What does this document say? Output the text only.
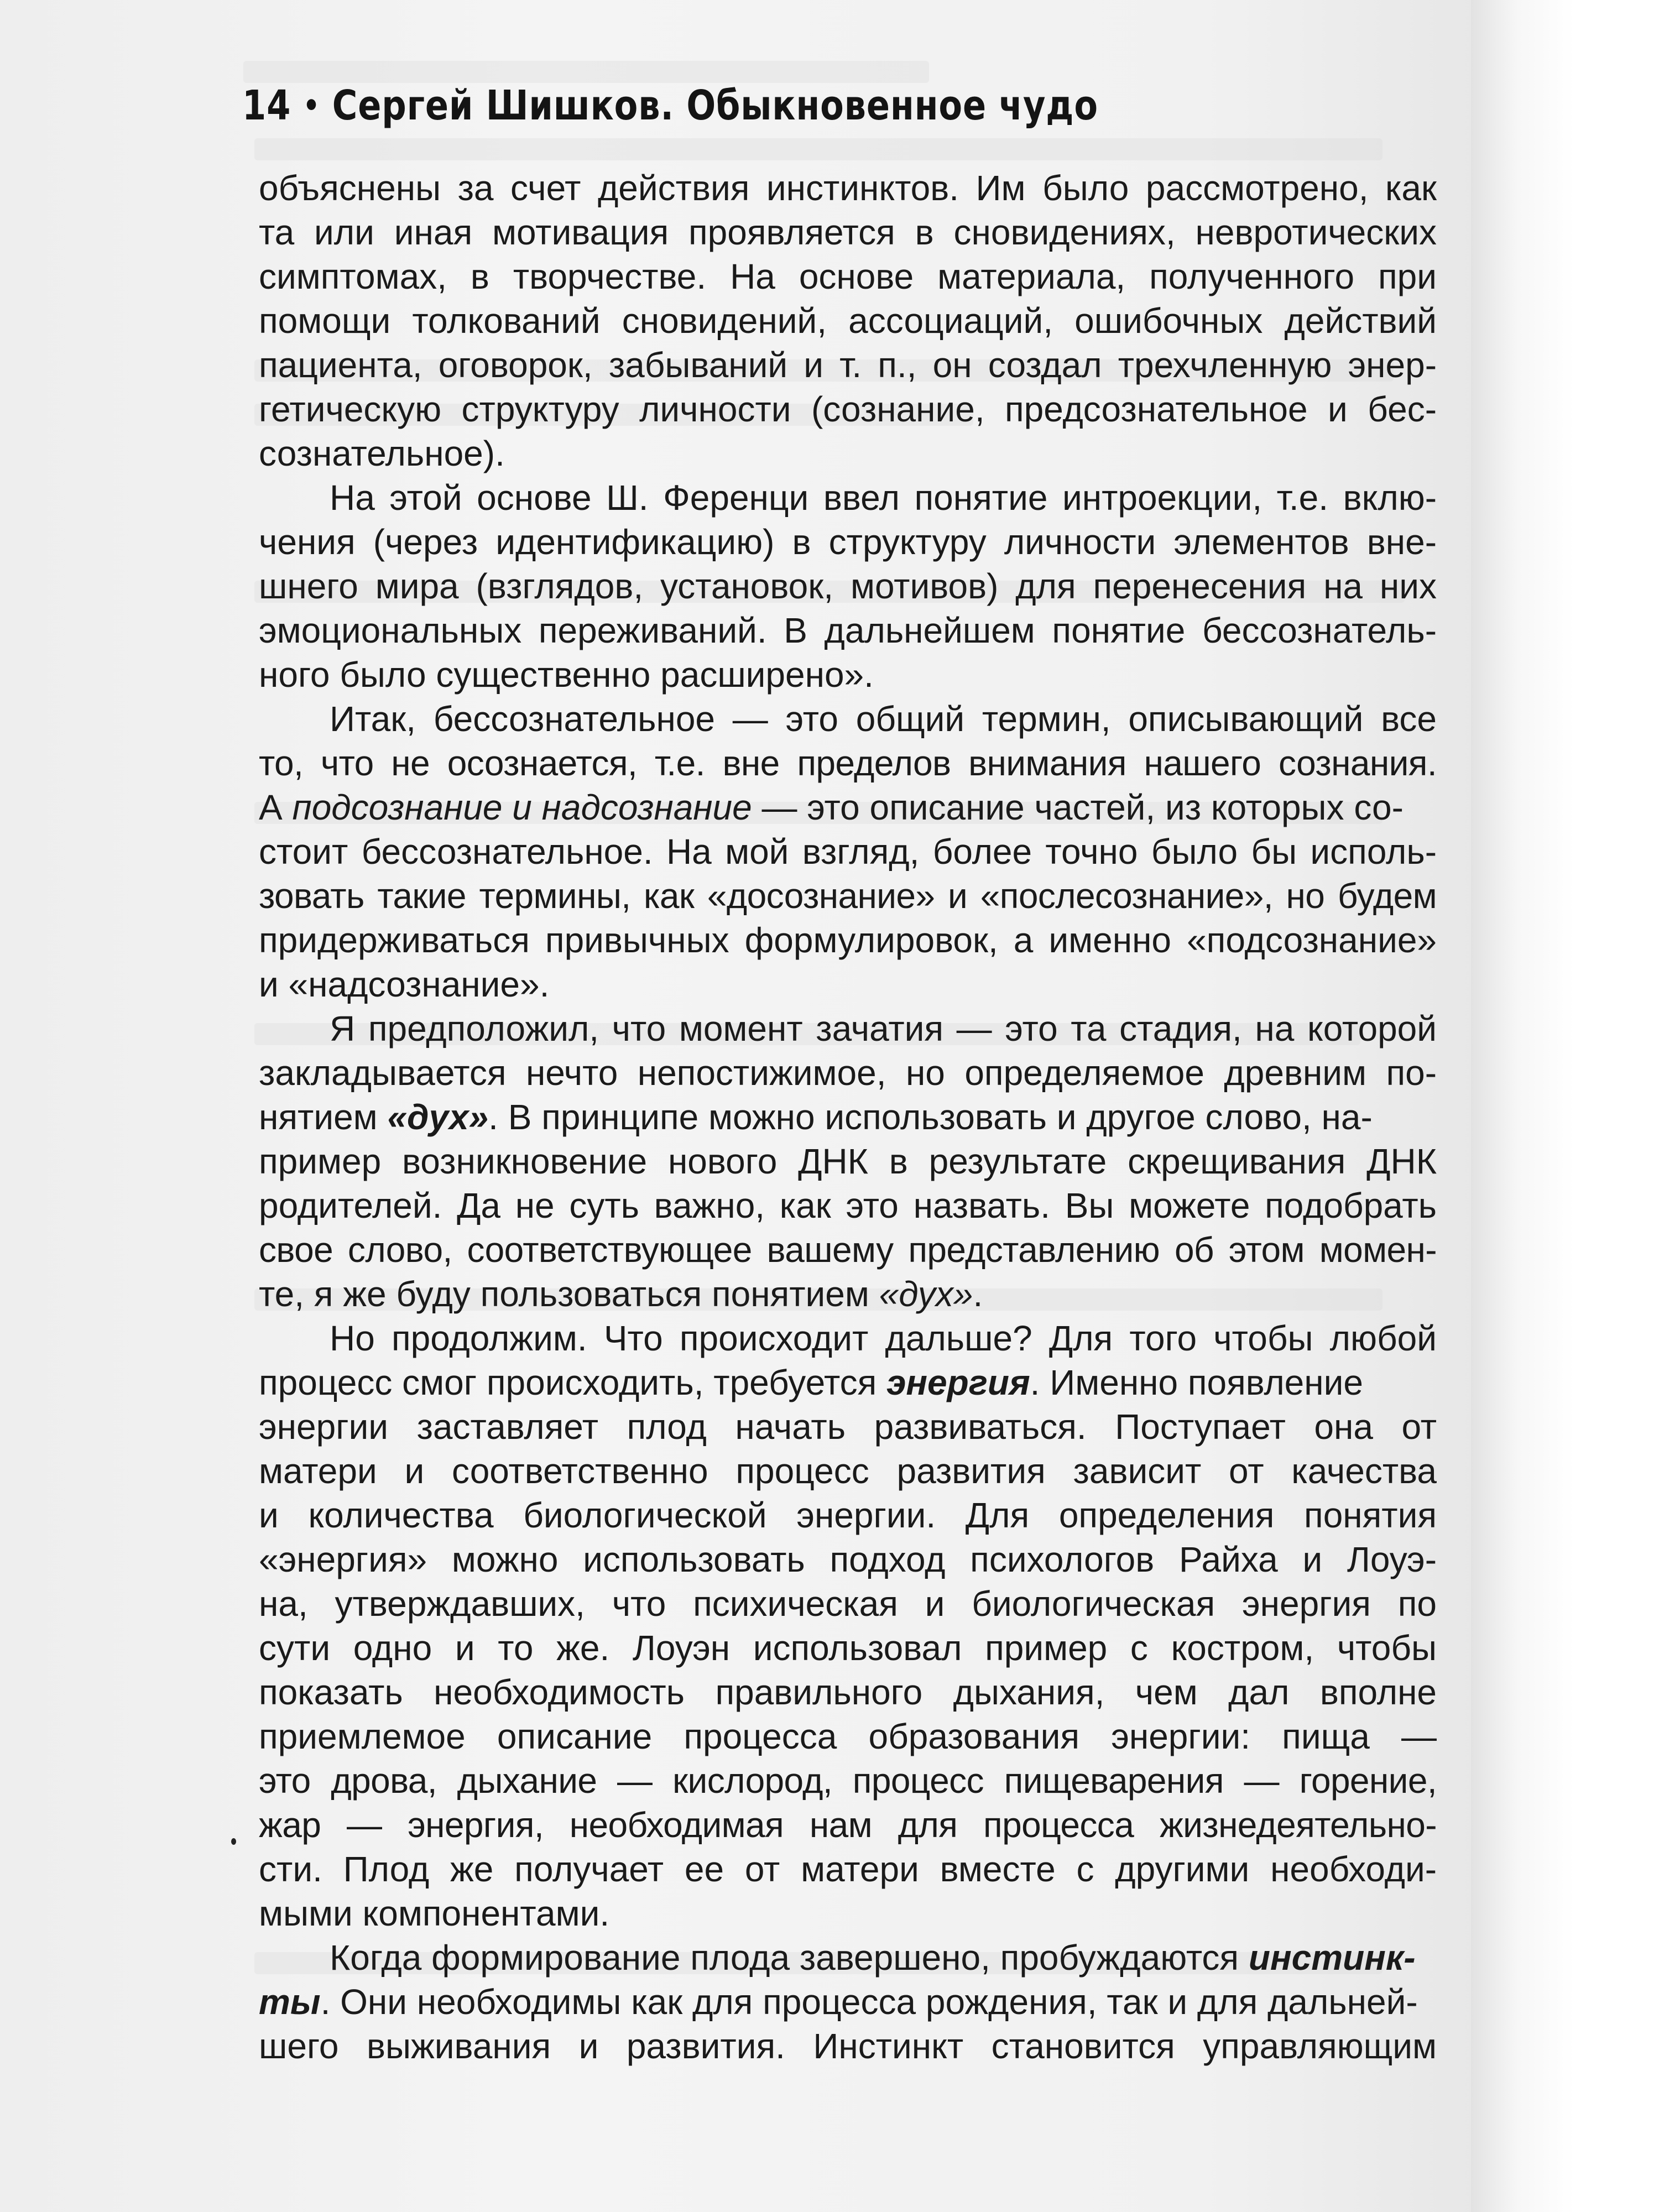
14 • Сергей Шишков. Обыкновенное чудо
объяснены за счет действия инстинктов. Им было рассмотрено, как
та или иная мотивация проявляется в сновидениях, невротических
симптомах, в творчестве. На основе материала, полученного при
помощи толкований сновидений, ассоциаций, ошибочных действий
пациента, оговорок, забываний и т. п., он создал трехчленную энер-
гетическую структуру личности (сознание, предсознательное и бес-
сознательное).
На этой основе Ш. Ференци ввел понятие интроекции, т.е. вклю-
чения (через идентификацию) в структуру личности элементов вне-
шнего мира (взглядов, установок, мотивов) для перенесения на них
эмоциональных переживаний. В дальнейшем понятие бессознатель-
ного было существенно расширено».
Итак, бессознательное — это общий термин, описывающий все
то, что не осознается, т.е. вне пределов внимания нашего сознания.
А подсознание и надсознание — это описание частей, из которых со-
стоит бессознательное. На мой взгляд, более точно было бы исполь-
зовать такие термины, как «досознание» и «послесознание», но будем
придерживаться привычных формулировок, а именно «подсознание»
и «надсознание».
Я предположил, что момент зачатия — это та стадия, на которой
закладывается нечто непостижимое, но определяемое древним по-
нятием «дух». В принципе можно использовать и другое слово, на-
пример возникновение нового ДНК в результате скрещивания ДНК
родителей. Да не суть важно, как это назвать. Вы можете подобрать
свое слово, соответствующее вашему представлению об этом момен-
те, я же буду пользоваться понятием «дух».
Но продолжим. Что происходит дальше? Для того чтобы любой
процесс смог происходить, требуется энергия. Именно появление
энергии заставляет плод начать развиваться. Поступает она от
матери и соответственно процесс развития зависит от качества
и количества биологической энергии. Для определения понятия
«энергия» можно использовать подход психологов Райха и Лоуэ-
на, утверждавших, что психическая и биологическая энергия по
сути одно и то же. Лоуэн использовал пример с костром, чтобы
показать необходимость правильного дыхания, чем дал вполне
приемлемое описание процесса образования энергии: пища —
это дрова, дыхание — кислород, процесс пищеварения — горение,
жар — энергия, необходимая нам для процесса жизнедеятельно-
сти. Плод же получает ее от матери вместе с другими необходи-
мыми компонентами.
Когда формирование плода завершено, пробуждаются инстинк-
ты. Они необходимы как для процесса рождения, так и для дальней-
шего выживания и развития. Инстинкт становится управляющим
